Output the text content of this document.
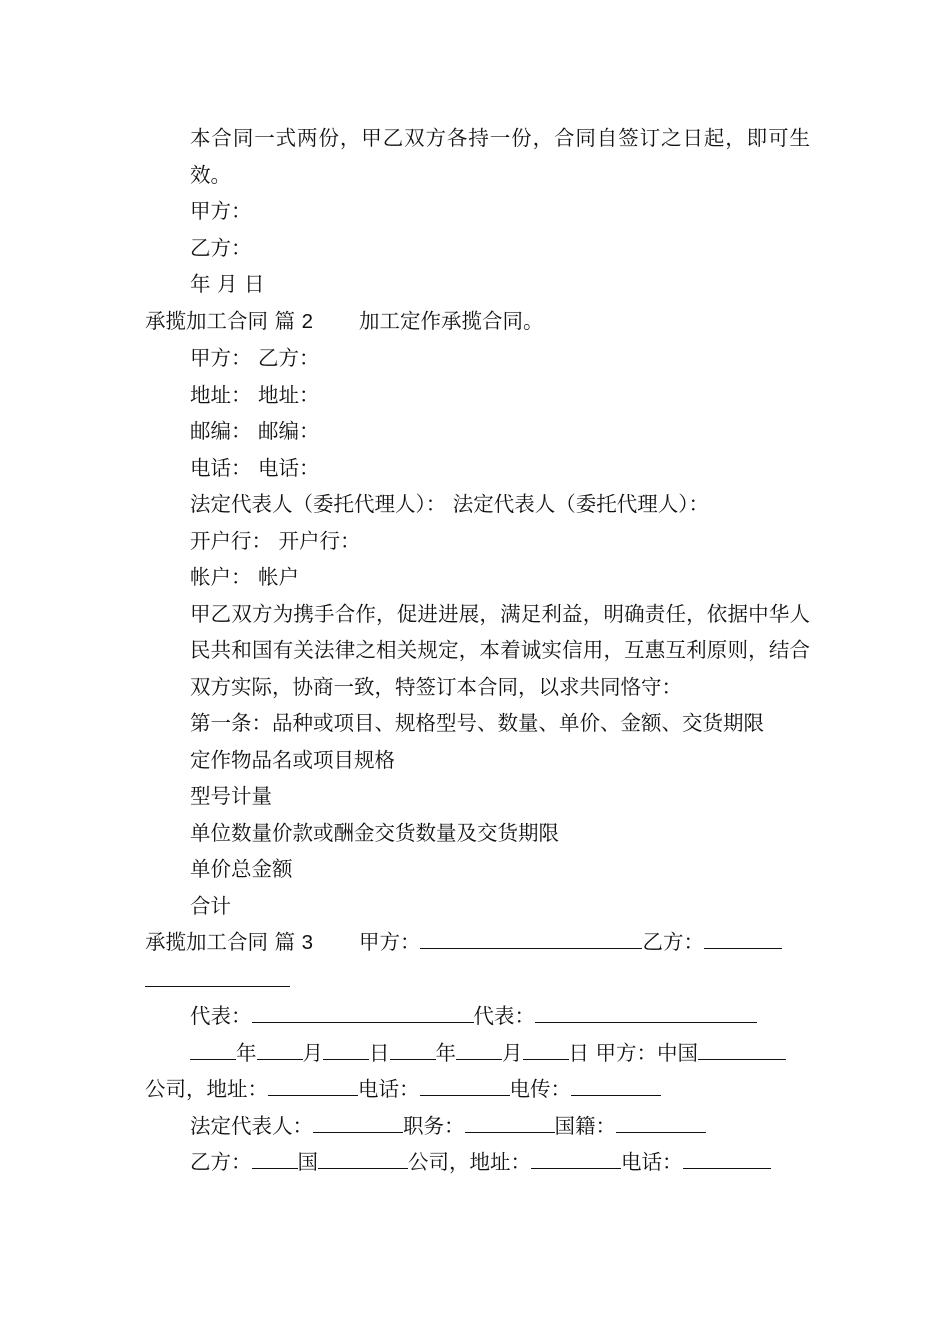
本合同一式两份，甲乙双方各持一份，合同自签订之日起，即可生效。

甲方：

乙方：

年 月 日

承揽加工合同 篇 2 加工定作承揽合同。

甲方： 乙方：

地址： 地址：

邮编： 邮编：

电话： 电话：

法定代表人（委托代理人）： 法定代表人（委托代理人）：

开户行： 开户行：

帐户： 帐户

甲乙双方为携手合作，促进进展，满足利益，明确责任，依据中华人民共和国有关法律之相关规定，本着诚实信用，互惠互利原则，结合双方实际，协商一致，特签订本合同，以求共同恪守：

第一条：品种或项目、规格型号、数量、单价、金额、交货期限

定作物品名或项目规格

型号计量

单位数量价款或酬金交货数量及交货期限

单价总金额

合计

承揽加工合同 篇 3 甲方：	乙方：

代表：	代表：

年 月 日 年 月 日 甲方：中国

公司，地址：	电话：	电传：

法定代表人：	职务：	国籍：

乙方： 国	公司，地址：	电话：
